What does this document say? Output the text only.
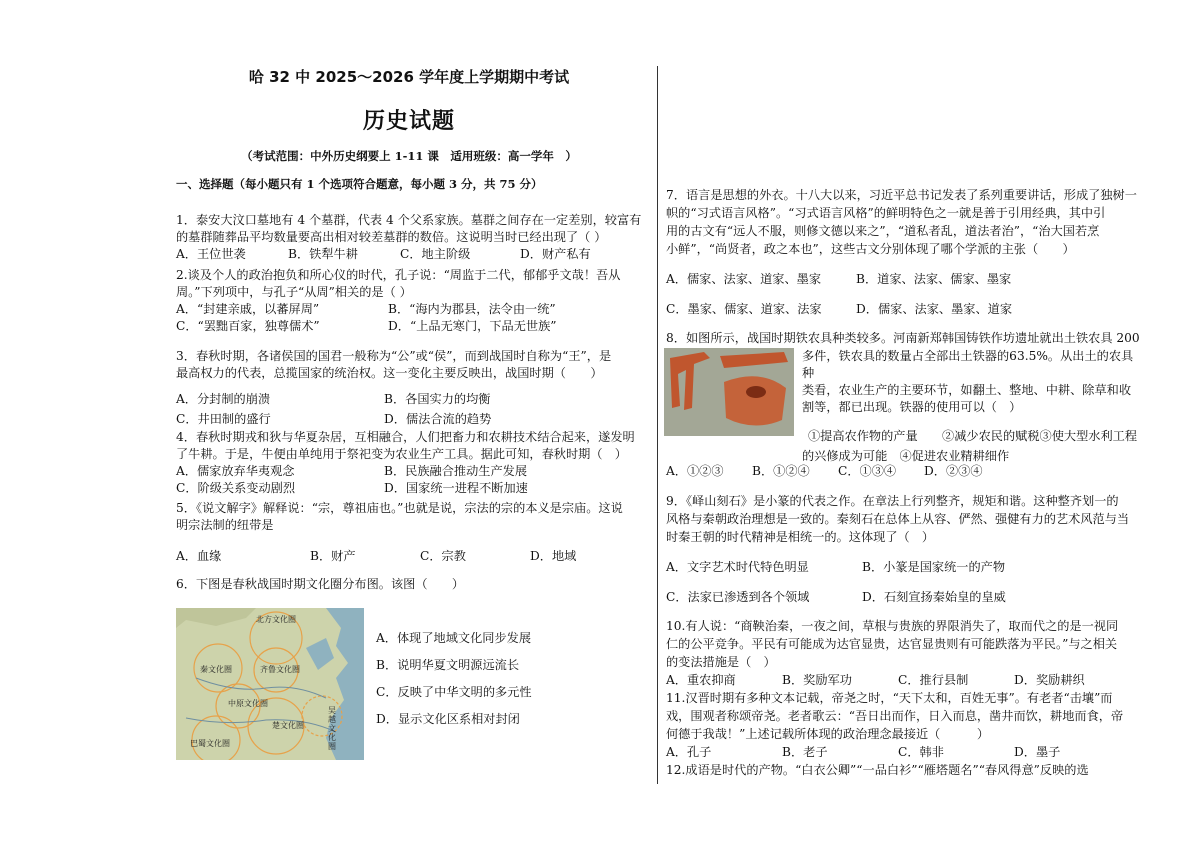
哈 32 中 2025～2026 学年度上学期期中考试
历史试题
（考试范围：中外历史纲要上 1-11 课　适用班级：高一学年　）
一、选择题（每小题只有 1 个选项符合题意，每小题 3 分，共 75 分）
1．泰安大汶口墓地有 4 个墓群，代表 4 个父系家族。墓群之间存在一定差别，较富有
的墓群随葬品平均数量要高出相对较差墓群的数倍。这说明当时已经出现了（ ）
A．王位世袭	B．铁犁牛耕	C．地主阶级	D．财产私有
2.谈及个人的政治抱负和所心仪的时代，孔子说：“周监于二代，郁郁乎文哉！吾从
周。”下列项中，与孔子“从周”相关的是（ ）
A．“封建亲戚，以蕃屏周”	B．“海内为郡县，法令由一统”
C．“罢黜百家，独尊儒术”	D．“上品无寒门，下品无世族”
3．春秋时期，各诸侯国的国君一般称为“公”或“侯”，而到战国时自称为“王”，是
最高权力的代表，总揽国家的统治权。这一变化主要反映出，战国时期（　　）
A．分封制的崩溃	B．各国实力的均衡
C．井田制的盛行	D．儒法合流的趋势
4．春秋时期戎和狄与华夏杂居，互相融合，人们把畜力和农耕技术结合起来，遂发明
了牛耕。于是，牛便由单纯用于祭祀变为农业生产工具。据此可知，春秋时期（　）
A．儒家放弃华夷观念	B．民族融合推动生产发展
C．阶级关系变动剧烈	D．国家统一进程不断加速
5．《说文解字》解释说：“宗，尊祖庙也。”也就是说，宗法的宗的本义是宗庙。这说
明宗法制的纽带是
A．血缘	B．财产	C．宗教	D．地域
6．下图是春秋战国时期文化圈分布图。该图（　　）
北方文化圈
秦文化圈	齐鲁文化圈
中原文化圈
楚文化圈
巴蜀文化圈
吴越文化圈
A．体现了地域文化同步发展
B．说明华夏文明源远流长
C．反映了中华文明的多元性
D．显示文化区系相对封闭
7．语言是思想的外衣。十八大以来，习近平总书记发表了系列重要讲话，形成了独树一
帜的“习式语言风格”。“习式语言风格”的鲜明特色之一就是善于引用经典，其中引
用的古文有“远人不服，则修文德以来之”，“道私者乱，道法者治”，“治大国若烹
小鲜”，“尚贤者，政之本也”，这些古文分别体现了哪个学派的主张（　　）
A．儒家、法家、道家、墨家	B．道家、法家、儒家、墨家
C．墨家、儒家、道家、法家	D．儒家、法家、墨家、道家
8．如图所示，战国时期铁农具种类较多。河南新郑韩国铸铁作坊遗址就出土铁农具 200
多件，铁农具的数量占全部出土铁器的63.5%。从出土的农具种
类看，农业生产的主要环节，如翻土、整地、中耕、除草和收
割等，都已出现。铁器的使用可以（　）
①提高农作物的产量　　②减少农民的赋税③使大型水利工程
的兴修成为可能　④促进农业精耕细作
A．①②③	B．①②④	C．①③④	D．②③④
9．《峄山刻石》是小篆的代表之作。在章法上行列整齐，规矩和谐。这种整齐划一的
风格与秦朝政治理想是一致的。秦刻石在总体上从容、俨然、强健有力的艺术风范与当
时秦王朝的时代精神是相统一的。这体现了（　）
A．文字艺术时代特色明显	B．小篆是国家统一的产物
C．法家已渗透到各个领域	D．石刻宣扬秦始皇的皇威
10.有人说：“商鞅治秦，一夜之间，草根与贵族的界限消失了，取而代之的是一视同
仁的公平竞争。平民有可能成为达官显贵，达官显贵则有可能跌落为平民。”与之相关
的变法措施是（　）
A．重农抑商	B．奖励军功	C．推行县制	D．奖励耕织
11.汉晋时期有多种文本记载，帝尧之时，“天下太和，百姓无事”。有老者“击壤”而
戏，围观者称颂帝尧。老者歌云：“吾日出而作，日入而息，凿井而饮，耕地而食，帝
何德于我哉！”上述记载所体现的政治理念最接近（　　　）
A．孔子	B．老子	C．韩非	D．墨子
12.成语是时代的产物。“白衣公卿”“一品白衫”“雁塔题名”“春风得意”反映的选
